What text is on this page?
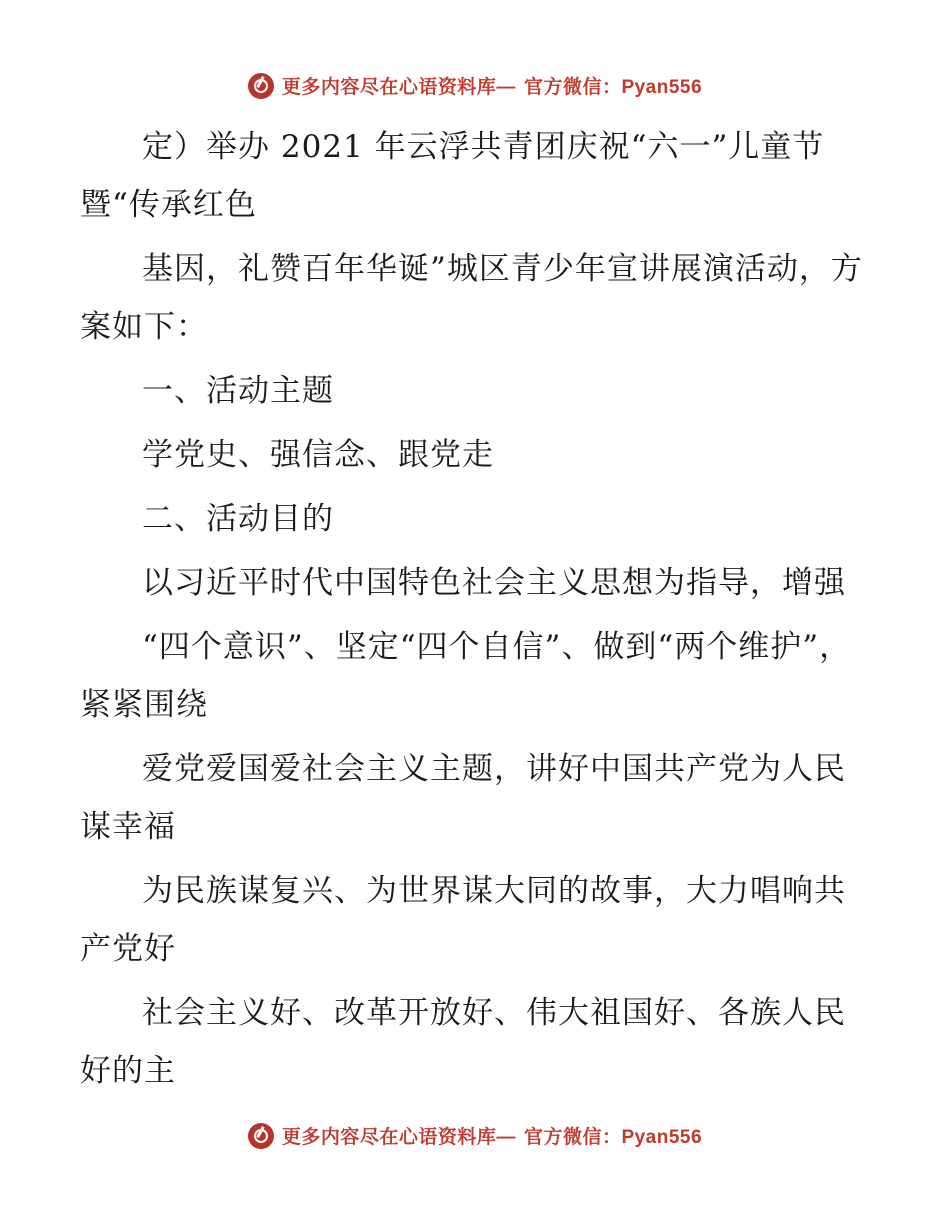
更多内容尽在心语资料库— 官方微信：Pyan556

定）举办 2021 年云浮共青团庆祝“六一”儿童节暨“传承红色

基因，礼赞百年华诞”城区青少年宣讲展演活动，方案如下：

一、活动主题

学党史、强信念、跟党走

二、活动目的

以习近平时代中国特色社会主义思想为指导，增强

“四个意识”、坚定“四个自信”、做到“两个维护”，紧紧围绕

爱党爱国爱社会主义主题，讲好中国共产党为人民谋幸福

为民族谋复兴、为世界谋大同的故事，大力唱响共产党好

社会主义好、改革开放好、伟大祖国好、各族人民好的主

更多内容尽在心语资料库— 官方微信：Pyan556
